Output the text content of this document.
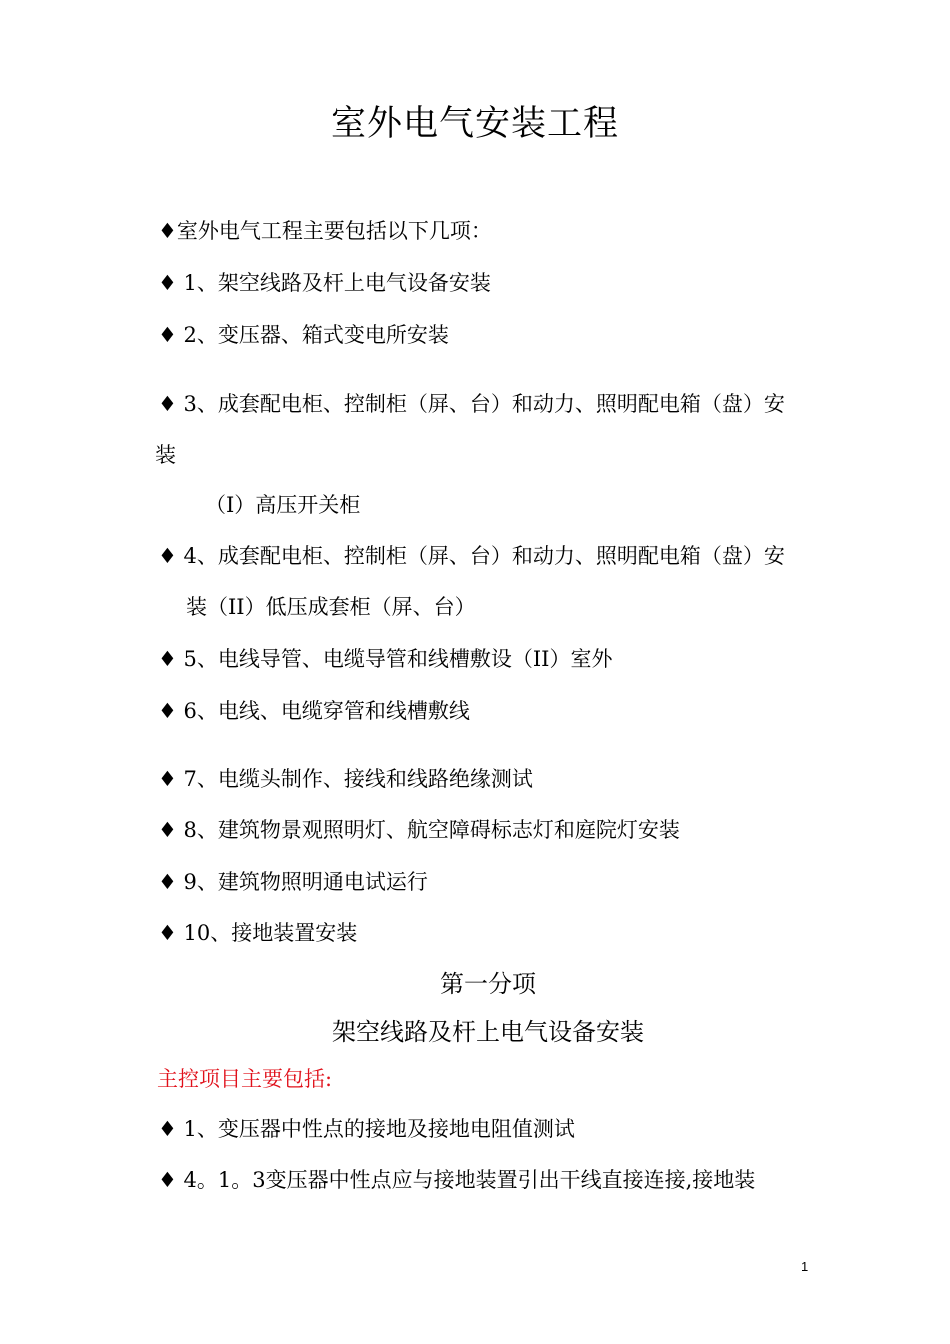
室外电气安装工程
♦室外电气工程主要包括以下几项：
♦ 1、架空线路及杆上电气设备安装
♦ 2、变压器、箱式变电所安装
♦ 3、成套配电柜、控制柜（屏、台）和动力、照明配电箱（盘）安
装
（I）高压开关柜
♦ 4、成套配电柜、控制柜（屏、台）和动力、照明配电箱（盘）安
装（II）低压成套柜（屏、台）
♦ 5、电线导管、电缆导管和线槽敷设（II）室外
♦ 6、电线、电缆穿管和线槽敷线
♦ 7、电缆头制作、接线和线路绝缘测试
♦ 8、建筑物景观照明灯、航空障碍标志灯和庭院灯安装
♦ 9、建筑物照明通电试运行
♦ 10、接地装置安装
第一分项
架空线路及杆上电气设备安装
主控项目主要包括:
♦ 1、变压器中性点的接地及接地电阻值测试
♦ 4。1。3变压器中性点应与接地装置引出干线直接连接,接地装
1
